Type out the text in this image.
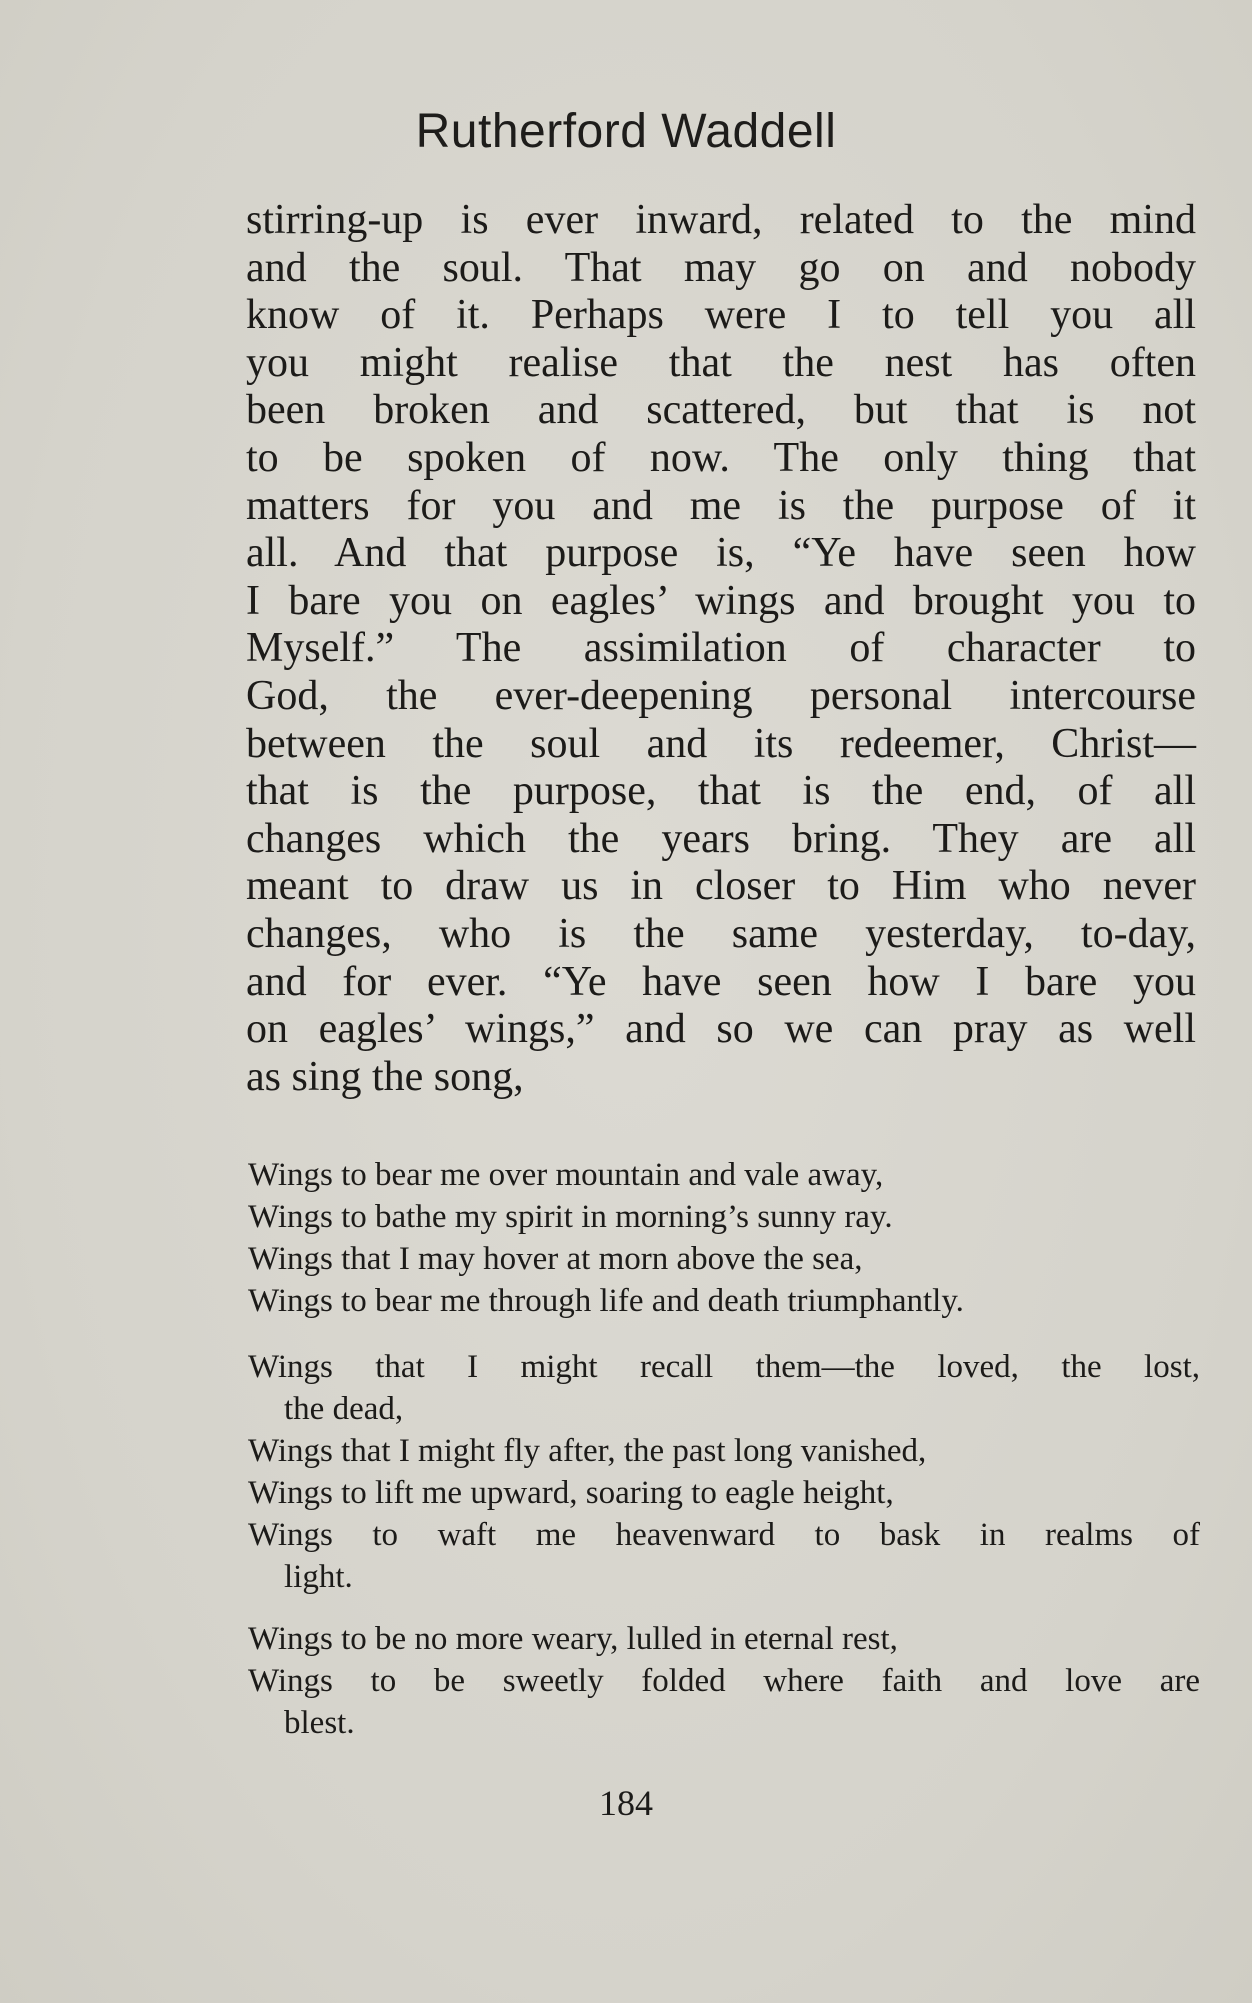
Rutherford Waddell
stirring-up is ever inward, related to the mind
and the soul. That may go on and nobody
know of it. Perhaps were I to tell you all
you might realise that the nest has often
been broken and scattered, but that is not
to be spoken of now. The only thing that
matters for you and me is the purpose of it
all. And that purpose is, “Ye have seen how
I bare you on eagles’ wings and brought you to
Myself.” The assimilation of character to
God, the ever-deepening personal intercourse
between the soul and its redeemer, Christ—
that is the purpose, that is the end, of all
changes which the years bring. They are all
meant to draw us in closer to Him who never
changes, who is the same yesterday, to-day,
and for ever. “Ye have seen how I bare you
on eagles’ wings,” and so we can pray as well
as sing the song,
Wings to bear me over mountain and vale away,
Wings to bathe my spirit in morning’s sunny ray.
Wings that I may hover at morn above the sea,
Wings to bear me through life and death triumphantly.
Wings that I might recall them—the loved, the lost,
the dead,
Wings that I might fly after, the past long vanished,
Wings to lift me upward, soaring to eagle height,
Wings to waft me heavenward to bask in realms of
light.
Wings to be no more weary, lulled in eternal rest,
Wings to be sweetly folded where faith and love are
blest.
184
